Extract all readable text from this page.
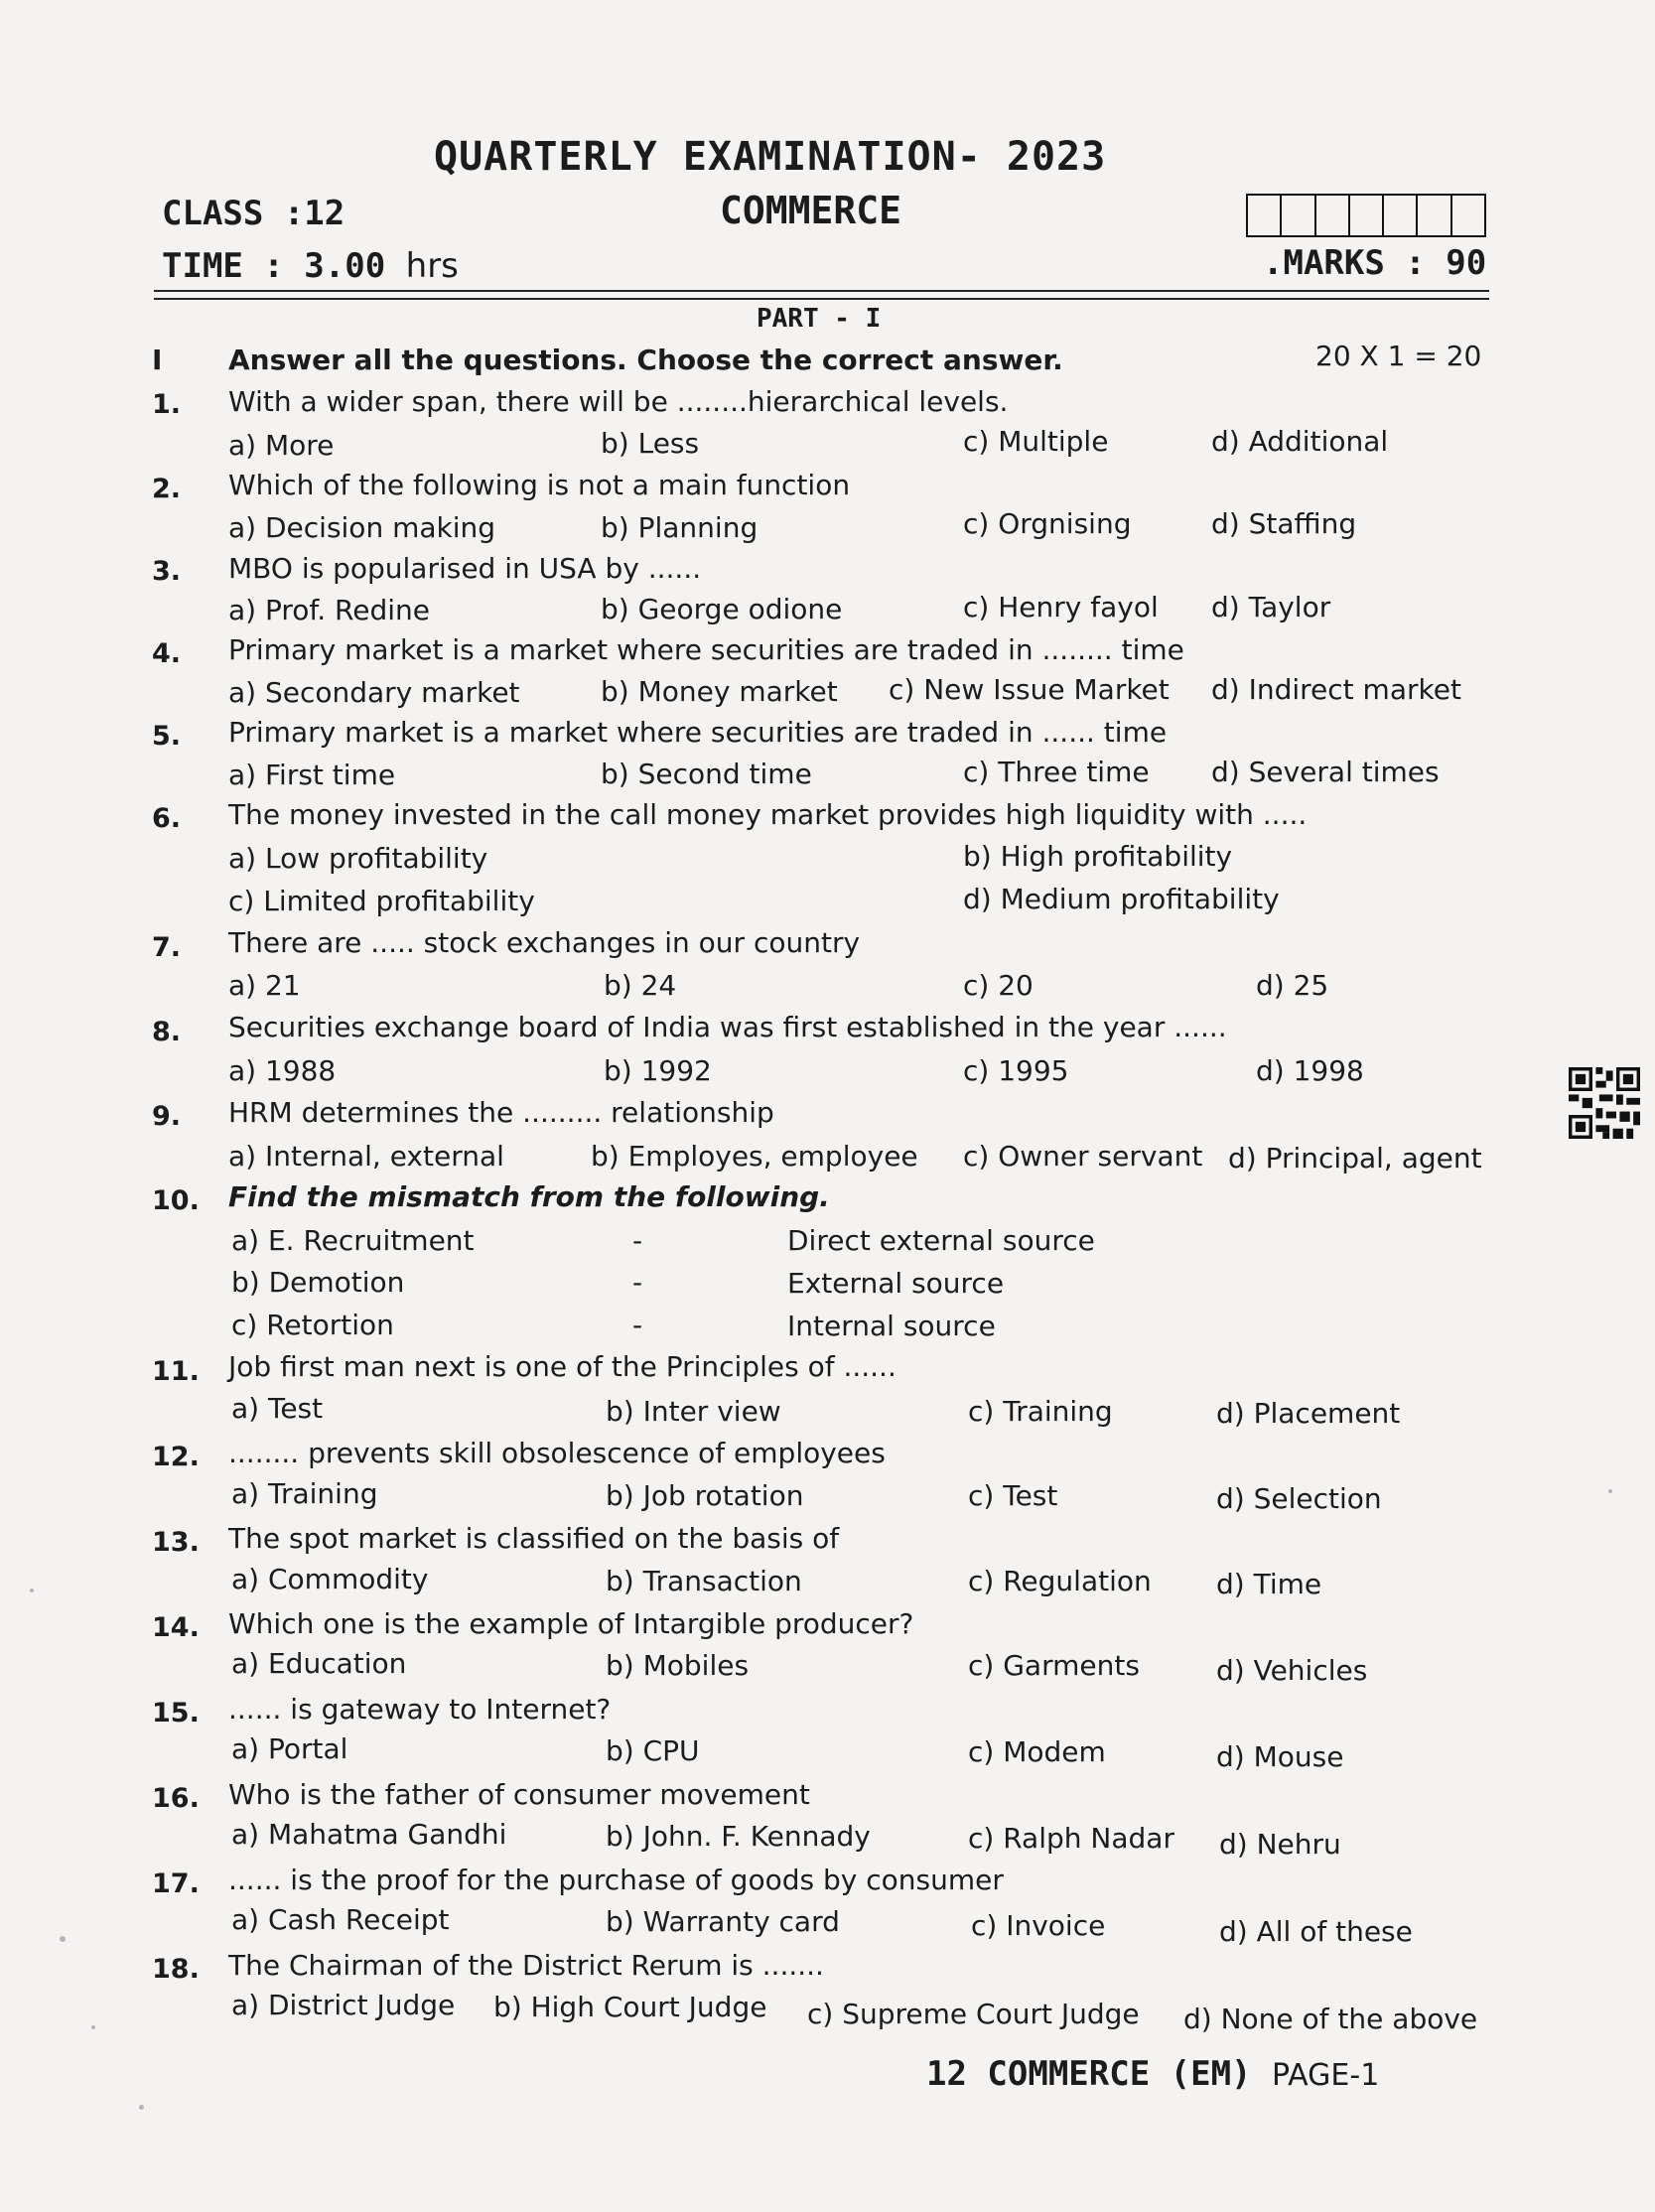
QUARTERLY EXAMINATION- 2023
COMMERCE
CLASS :12
TIME : 3.00 hrs	.MARKS : 90
PART - I
I Answer all the questions. Choose the correct answer.	20 X 1 = 20
1. With a wider span, there will be ........hierarchical levels.
a) More	b) Less	c) Multiple	d) Additional
2. Which of the following is not a main function
a) Decision making	b) Planning	c) Orgnising	d) Staffing
3. MBO is popularised in USA by ......
a) Prof. Redine	b) George odione	c) Henry fayol d) Taylor
4. Primary market is a market where securities are traded in ........ time
a) Secondary market	b) Money market c) New Issue Market d) Indirect market
5. Primary market is a market where securities are traded in ...... time
a) First time	b) Second time	c) Three time d) Several times
6. The money invested in the call money market provides high liquidity with .....
a) Low profitability	b) High profitability
c) Limited profitability	d) Medium profitability
7. There are ..... stock exchanges in our country
a) 21	b) 24	c) 20	d) 25
8. Securities exchange board of India was first established in the year ......
a) 1988	b) 1992	c) 1995	d) 1998
9. HRM determines the ......... relationship
a) Internal, external	b) Employes, employee c) Owner servant d) Principal, agent
10. Find the mismatch from the following.
a) E. Recruitment	-	Direct external source
b) Demotion	-	External source
c) Retortion	-	Internal source
11. Job first man next is one of the Principles of ......
a) Test	b) Inter view	c) Training	d) Placement
12. ........ prevents skill obsolescence of employees
a) Training	b) Job rotation	c) Test	d) Selection
13. The spot market is classified on the basis of
a) Commodity	b) Transaction	c) Regulation d) Time
14. Which one is the example of Intargible producer?
a) Education	b) Mobiles	c) Garments	d) Vehicles
15. ...... is gateway to Internet?
a) Portal	b) CPU	c) Modem	d) Mouse
16. Who is the father of consumer movement
a) Mahatma Gandhi	b) John. F. Kennady	c) Ralph Nadar d) Nehru
17. ...... is the proof for the purchase of goods by consumer
a) Cash Receipt	b) Warranty card	c) Invoice	d) All of these
18. The Chairman of the District Rerum is .......
a) District Judge b) High Court Judge c) Supreme Court Judge d) None of the above
12 COMMERCE (EM) PAGE-1
